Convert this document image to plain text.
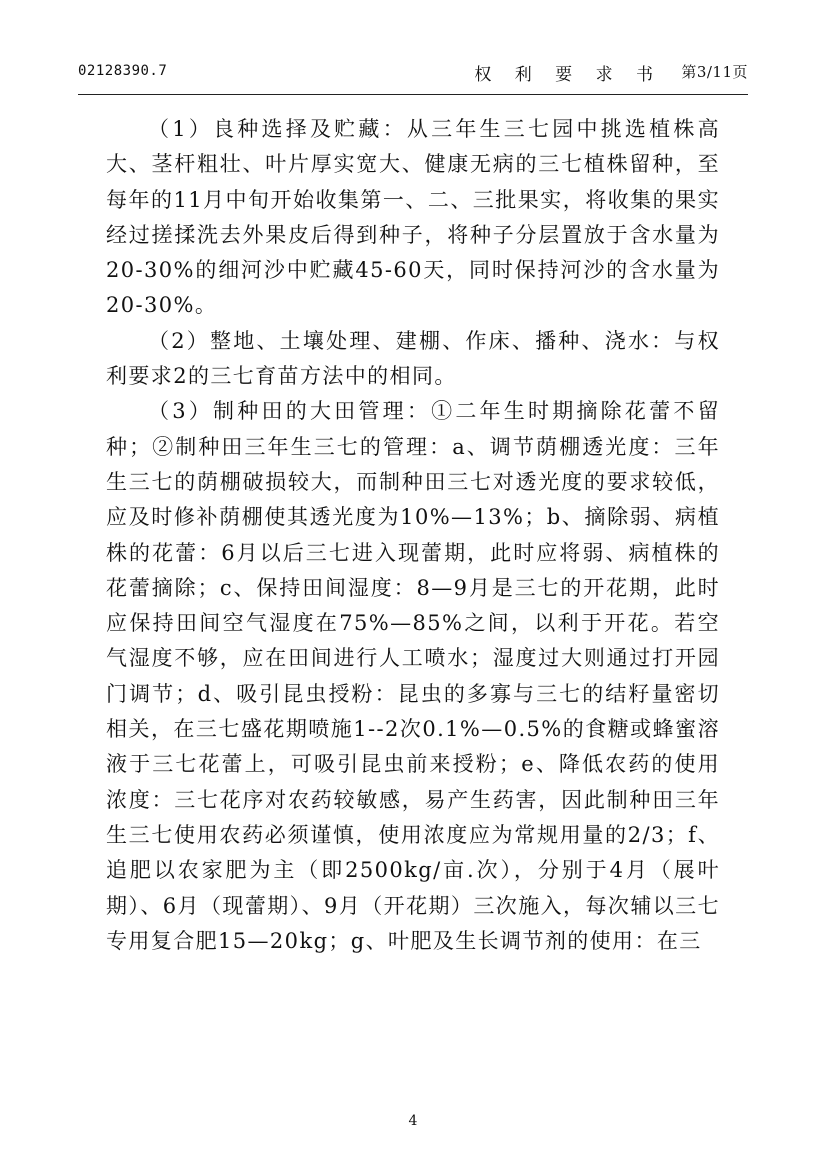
02128390.7	权 利 要 求 书 第3/11页

（1）良种选择及贮藏：从三年生三七园中挑选植株高大、茎杆粗壮、叶片厚实宽大、健康无病的三七植株留种，至每年的11月中旬开始收集第一、二、三批果实，将收集的果实经过搓揉洗去外果皮后得到种子，将种子分层置放于含水量为20-30%的细河沙中贮藏45-60天，同时保持河沙的含水量为20-30%。

（2）整地、土壤处理、建棚、作床、播种、浇水：与权利要求2的三七育苗方法中的相同。

（3）制种田的大田管理：①二年生时期摘除花蕾不留种；②制种田三年生三七的管理：a、调节荫棚透光度：三年生三七的荫棚破损较大，而制种田三七对透光度的要求较低，应及时修补荫棚使其透光度为10%—13%；b、摘除弱、病植株的花蕾：6月以后三七进入现蕾期，此时应将弱、病植株的花蕾摘除；c、保持田间湿度：8—9月是三七的开花期，此时应保持田间空气湿度在75%—85%之间，以利于开花。若空气湿度不够，应在田间进行人工喷水；湿度过大则通过打开园门调节；d、吸引昆虫授粉：昆虫的多寡与三七的结籽量密切相关，在三七盛花期喷施1--2次0.1%—0.5%的食糖或蜂蜜溶液于三七花蕾上，可吸引昆虫前来授粉；e、降低农药的使用浓度：三七花序对农药较敏感，易产生药害，因此制种田三年生三七使用农药必须谨慎，使用浓度应为常规用量的2/3；f、追肥以农家肥为主（即2500kg/亩.次），分别于4月（展叶期）、6月（现蕾期）、9月（开花期）三次施入，每次辅以三七专用复合肥15—20kg；g、叶肥及生长调节剂的使用：在三

4
